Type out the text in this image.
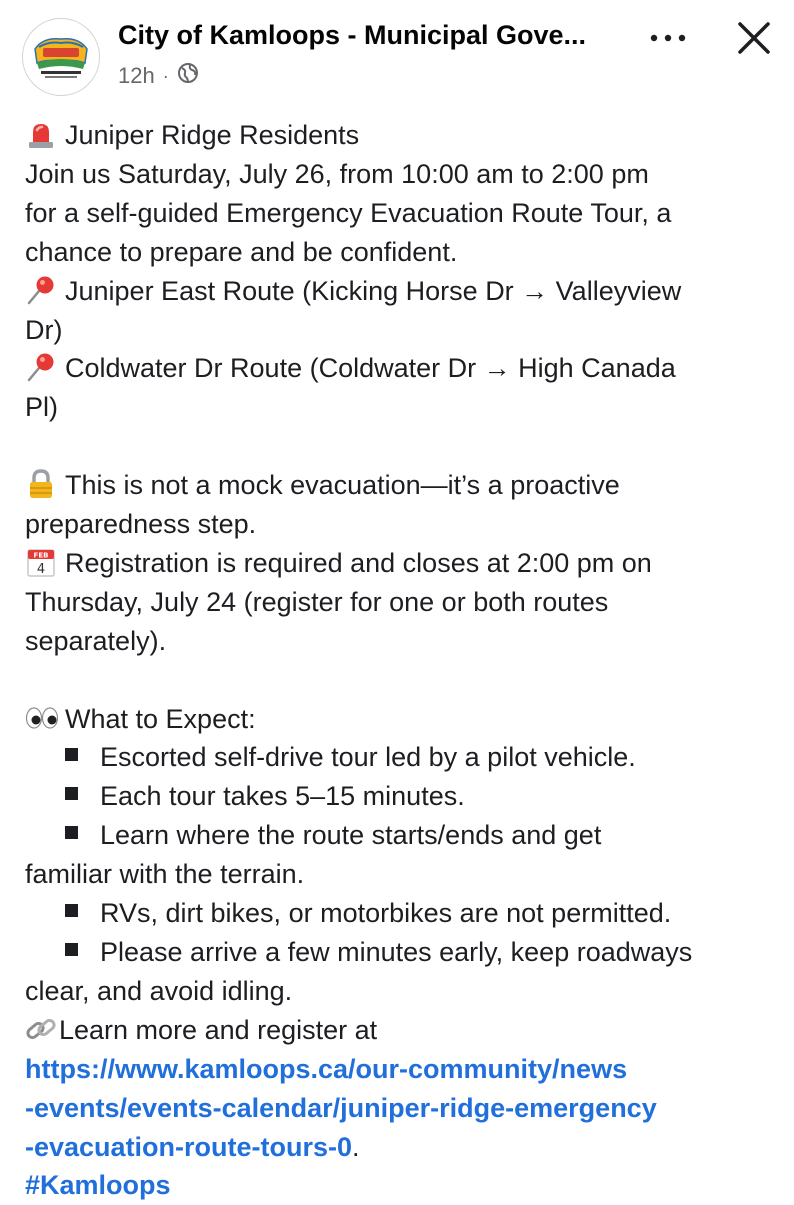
City of Kamloops - Municipal Gove...
12h ·
Juniper Ridge Residents
Join us Saturday, July 26, from 10:00 am to 2:00 pm
for a self-guided Emergency Evacuation Route Tour, a
chance to prepare and be confident.
Juniper East Route (Kicking Horse Dr → Valleyview
Dr)
Coldwater Dr Route (Coldwater Dr → High Canada
Pl)
This is not a mock evacuation—it’s a proactive
preparedness step.
FEB
4 Registration is required and closes at 2:00 pm on
Thursday, July 24 (register for one or both routes
separately).
What to Expect:
Escorted self-drive tour led by a pilot vehicle.
Each tour takes 5–15 minutes.
Learn where the route starts/ends and get
familiar with the terrain.
RVs, dirt bikes, or motorbikes are not permitted.
Please arrive a few minutes early, keep roadways
clear, and avoid idling.
Learn more and register at
https://www.kamloops.ca/our-community/news
-events/events-calendar/juniper-ridge-emergency
-evacuation-route-tours-0.
#Kamloops
